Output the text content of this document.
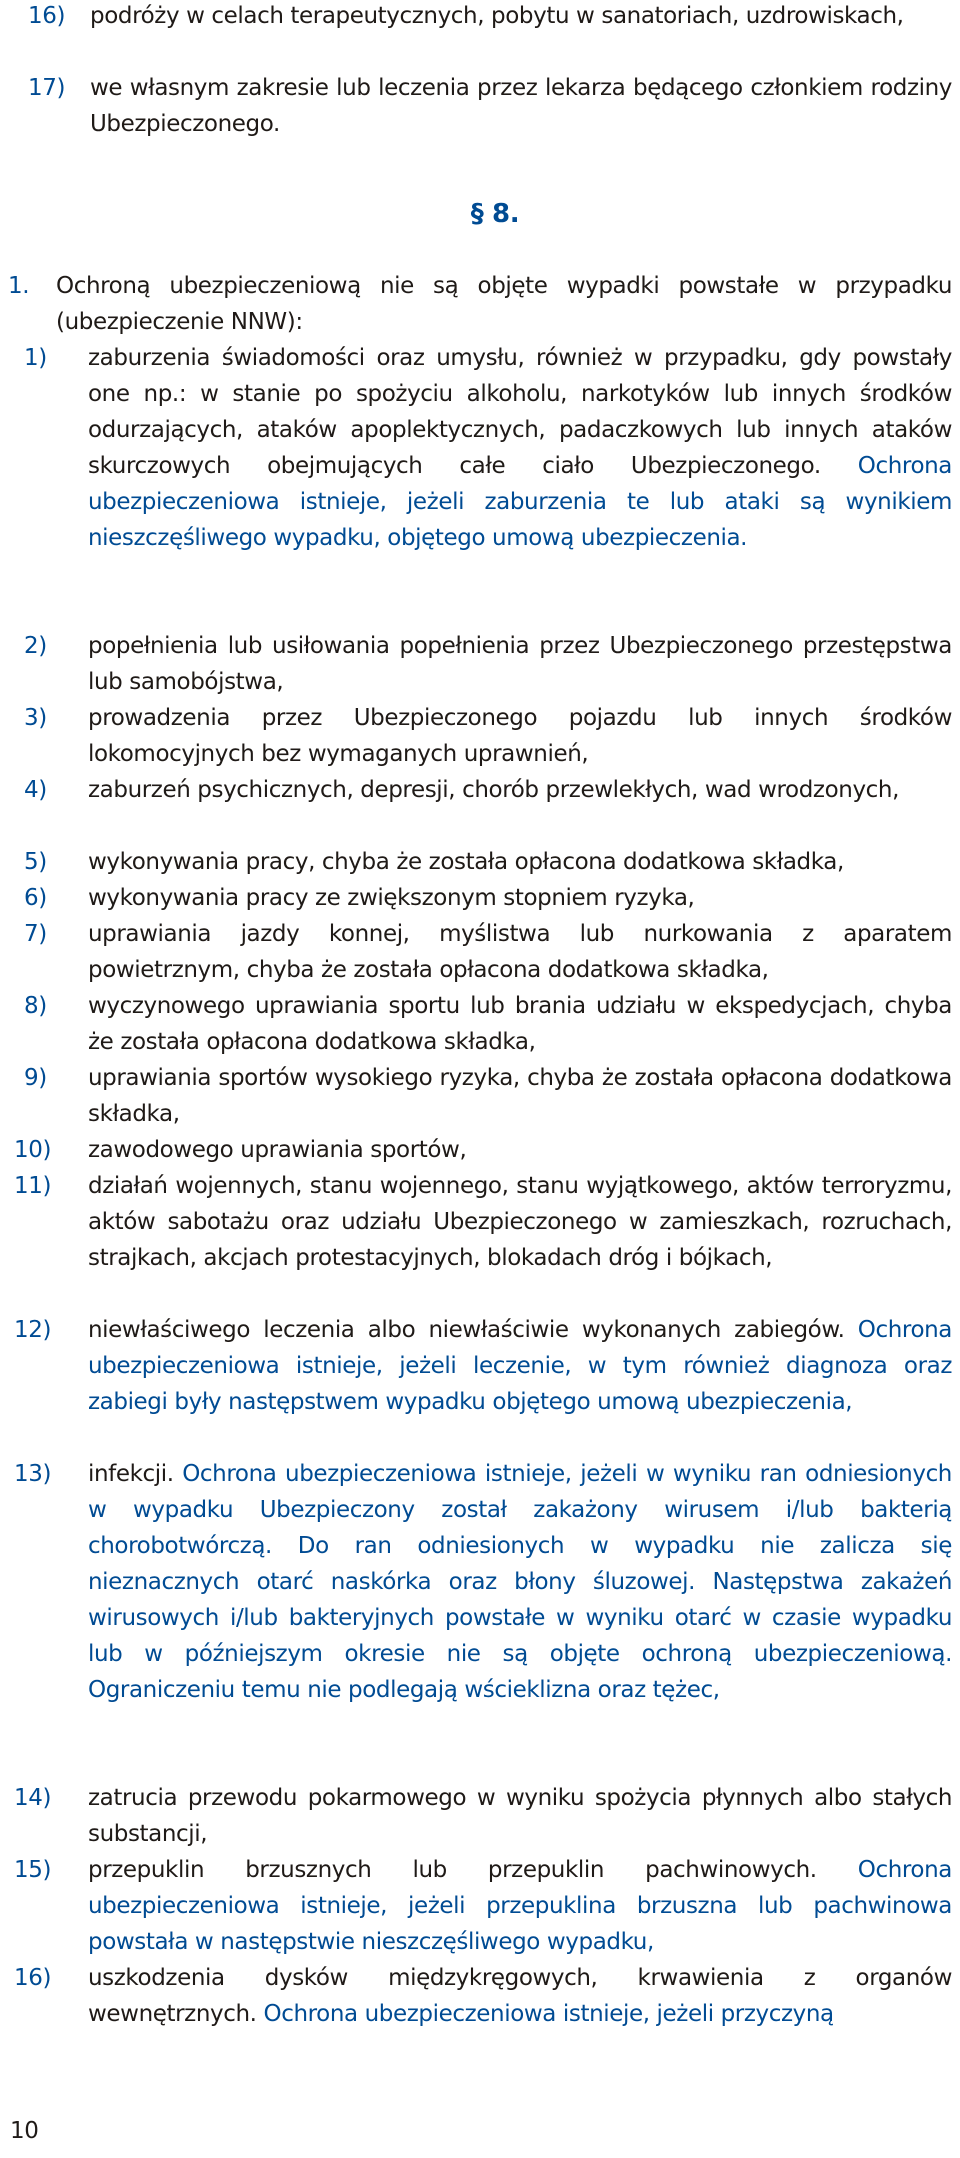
16)	podróży w celach terapeutycznych, pobytu w sanatoriach, uzdrowiskach,
17)	we własnym zakresie lub leczenia przez lekarza będącego członkiem rodziny Ubezpieczonego.
§ 8.
1.	Ochroną ubezpieczeniową nie są objęte wypadki powstałe w przypadku (ubezpieczenie NNW):
1)	zaburzenia świadomości oraz umysłu, również w przypadku, gdy powstały one np.: w stanie po spożyciu alkoholu, narkotyków lub innych środków odurzających, ataków apoplektycznych, padaczkowych lub innych ataków skurczowych obejmujących całe ciało Ubezpieczonego. Ochrona ubezpieczeniowa istnieje, jeżeli zaburzenia te lub ataki są wynikiem nieszczęśliwego wypadku, objętego umową ubezpieczenia.
2)	popełnienia lub usiłowania popełnienia przez Ubezpieczonego przestępstwa lub samobójstwa,
3)	prowadzenia przez Ubezpieczonego pojazdu lub innych środków lokomocyjnych bez wymaganych uprawnień,
4)	zaburzeń psychicznych, depresji, chorób przewlekłych, wad wrodzonych,
5)	wykonywania pracy, chyba że została opłacona dodatkowa składka,
6)	wykonywania pracy ze zwiększonym stopniem ryzyka,
7)	uprawiania jazdy konnej, myślistwa lub nurkowania z aparatem powietrznym, chyba że została opłacona dodatkowa składka,
8)	wyczynowego uprawiania sportu lub brania udziału w ekspedycjach, chyba że została opłacona dodatkowa składka,
9)	uprawiania sportów wysokiego ryzyka, chyba że została opłacona dodatkowa składka,
10)	zawodowego uprawiania sportów,
11)	działań wojennych, stanu wojennego, stanu wyjątkowego, aktów terroryzmu, aktów sabotażu oraz udziału Ubezpieczonego w zamieszkach, rozruchach, strajkach, akcjach protestacyjnych, blokadach dróg i bójkach,
12)	niewłaściwego leczenia albo niewłaściwie wykonanych zabiegów. Ochrona ubezpieczeniowa istnieje, jeżeli leczenie, w tym również diagnoza oraz zabiegi były następstwem wypadku objętego umową ubezpieczenia,
13)	infekcji. Ochrona ubezpieczeniowa istnieje, jeżeli w wyniku ran odniesionych w wypadku Ubezpieczony został zakażony wirusem i/lub bakterią chorobotwórczą. Do ran odniesionych w wypadku nie zalicza się nieznacznych otarć naskórka oraz błony śluzowej. Następstwa zakażeń wirusowych i/lub bakteryjnych powstałe w wyniku otarć w czasie wypadku lub w późniejszym okresie nie są objęte ochroną ubezpieczeniową. Ograniczeniu temu nie podlegają wścieklizna oraz tężec,
14)	zatrucia przewodu pokarmowego w wyniku spożycia płynnych albo stałych substancji,
15)	przepuklin brzusznych lub przepuklin pachwinowych. Ochrona ubezpieczeniowa istnieje, jeżeli przepuklina brzuszna lub pachwinowa powstała w następstwie nieszczęśliwego wypadku,
16)	uszkodzenia dysków międzykręgowych, krwawienia z organów wewnętrznych. Ochrona ubezpieczeniowa istnieje, jeżeli przyczyną
10
